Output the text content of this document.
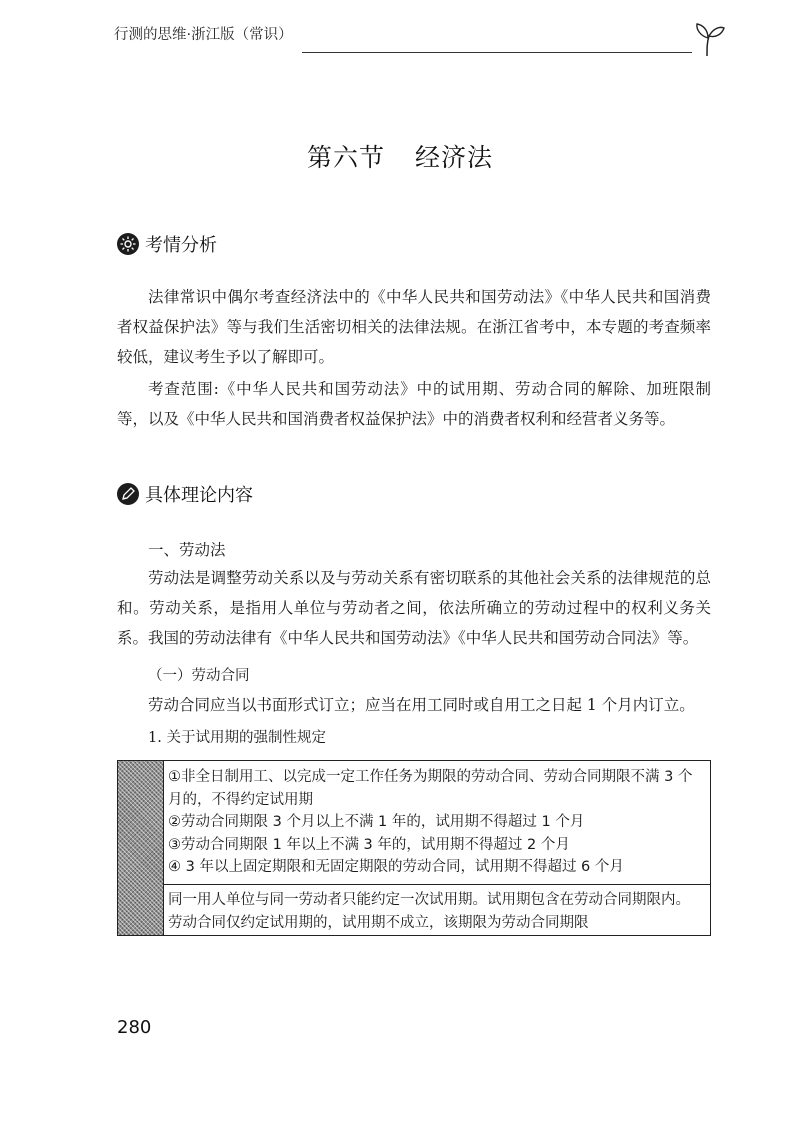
行测的思维·浙江版（常识）
第六节 经济法
考情分析
法律常识中偶尔考查经济法中的《中华人民共和国劳动法》《中华人民共和国消费者权益保护法》等与我们生活密切相关的法律法规。在浙江省考中，本专题的考查频率较低，建议考生予以了解即可。
考查范围:《中华人民共和国劳动法》中的试用期、劳动合同的解除、加班限制等，以及《中华人民共和国消费者权益保护法》中的消费者权利和经营者义务等。
具体理论内容
一、劳动法
劳动法是调整劳动关系以及与劳动关系有密切联系的其他社会关系的法律规范的总和。劳动关系，是指用人单位与劳动者之间，依法所确立的劳动过程中的权利义务关系。我国的劳动法律有《中华人民共和国劳动法》《中华人民共和国劳动合同法》等。
（一）劳动合同
劳动合同应当以书面形式订立；应当在用工同时或自用工之日起 1 个月内订立。
1. 关于试用期的强制性规定
①非全日制用工、以完成一定工作任务为期限的劳动合同、劳动合同期限不满 3 个月的，不得约定试用期
②劳动合同期限 3 个月以上不满 1 年的，试用期不得超过 1 个月
③劳动合同期限 1 年以上不满 3 年的，试用期不得超过 2 个月
④ 3 年以上固定期限和无固定期限的劳动合同，试用期不得超过 6 个月
同一用人单位与同一劳动者只能约定一次试用期。试用期包含在劳动合同期限内。
劳动合同仅约定试用期的，试用期不成立，该期限为劳动合同期限
280
